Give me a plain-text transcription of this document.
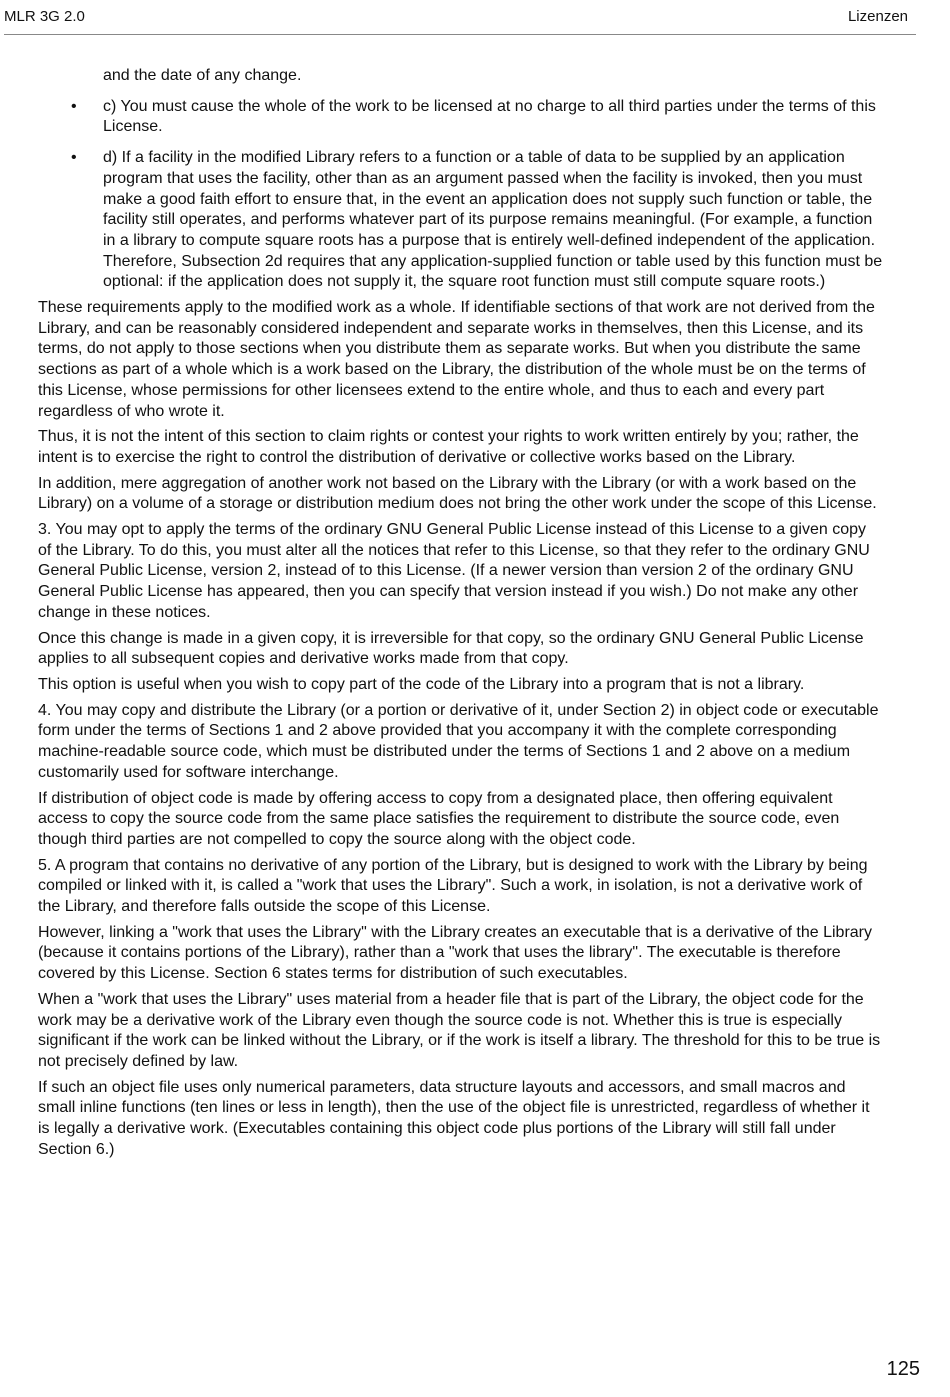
MLR 3G 2.0	Lizenzen

and the date of any change.

• c) You must cause the whole of the work to be licensed at no charge to all third parties under the terms of this License.
• d) If a facility in the modified Library refers to a function or a table of data to be supplied by an application program that uses the facility, other than as an argument passed when the facility is invoked, then you must make a good faith effort to ensure that, in the event an application does not supply such function or table, the facility still operates, and performs whatever part of its purpose remains meaningful. (For example, a function in a library to compute square roots has a purpose that is entirely well-defined independent of the application. Therefore, Subsection 2d requires that any application-supplied function or table used by this function must be optional: if the application does not supply it, the square root function must still compute square roots.)

These requirements apply to the modified work as a whole. If identifiable sections of that work are not derived from the Library, and can be reasonably considered independent and separate works in themselves, then this License, and its terms, do not apply to those sections when you distribute them as separate works. But when you distribute the same sections as part of a whole which is a work based on the Library, the distribution of the whole must be on the terms of this License, whose permissions for other licensees extend to the entire whole, and thus to each and every part regardless of who wrote it.

Thus, it is not the intent of this section to claim rights or contest your rights to work written entirely by you; rather, the intent is to exercise the right to control the distribution of derivative or collective works based on the Library.

In addition, mere aggregation of another work not based on the Library with the Library (or with a work based on the Library) on a volume of a storage or distribution medium does not bring the other work under the scope of this License.

3. You may opt to apply the terms of the ordinary GNU General Public License instead of this License to a given copy of the Library. To do this, you must alter all the notices that refer to this License, so that they refer to the ordinary GNU General Public License, version 2, instead of to this License. (If a newer version than version 2 of the ordinary GNU General Public License has appeared, then you can specify that version instead if you wish.) Do not make any other change in these notices.

Once this change is made in a given copy, it is irreversible for that copy, so the ordinary GNU General Public License applies to all subsequent copies and derivative works made from that copy.

This option is useful when you wish to copy part of the code of the Library into a program that is not a library.

4. You may copy and distribute the Library (or a portion or derivative of it, under Section 2) in object code or executable form under the terms of Sections 1 and 2 above provided that you accompany it with the complete corresponding machine-readable source code, which must be distributed under the terms of Sections 1 and 2 above on a medium customarily used for software interchange.

If distribution of object code is made by offering access to copy from a designated place, then offering equivalent access to copy the source code from the same place satisfies the requirement to distribute the source code, even though third parties are not compelled to copy the source along with the object code.

5. A program that contains no derivative of any portion of the Library, but is designed to work with the Library by being compiled or linked with it, is called a "work that uses the Library". Such a work, in isolation, is not a derivative work of the Library, and therefore falls outside the scope of this License.

However, linking a "work that uses the Library" with the Library creates an executable that is a derivative of the Library (because it contains portions of the Library), rather than a "work that uses the library". The executable is therefore covered by this License. Section 6 states terms for distribution of such executables.

When a "work that uses the Library" uses material from a header file that is part of the Library, the object code for the work may be a derivative work of the Library even though the source code is not. Whether this is true is especially significant if the work can be linked without the Library, or if the work is itself a library. The threshold for this to be true is not precisely defined by law.

If such an object file uses only numerical parameters, data structure layouts and accessors, and small macros and small inline functions (ten lines or less in length), then the use of the object file is unrestricted, regardless of whether it is legally a derivative work. (Executables containing this object code plus portions of the Library will still fall under Section 6.)

125
